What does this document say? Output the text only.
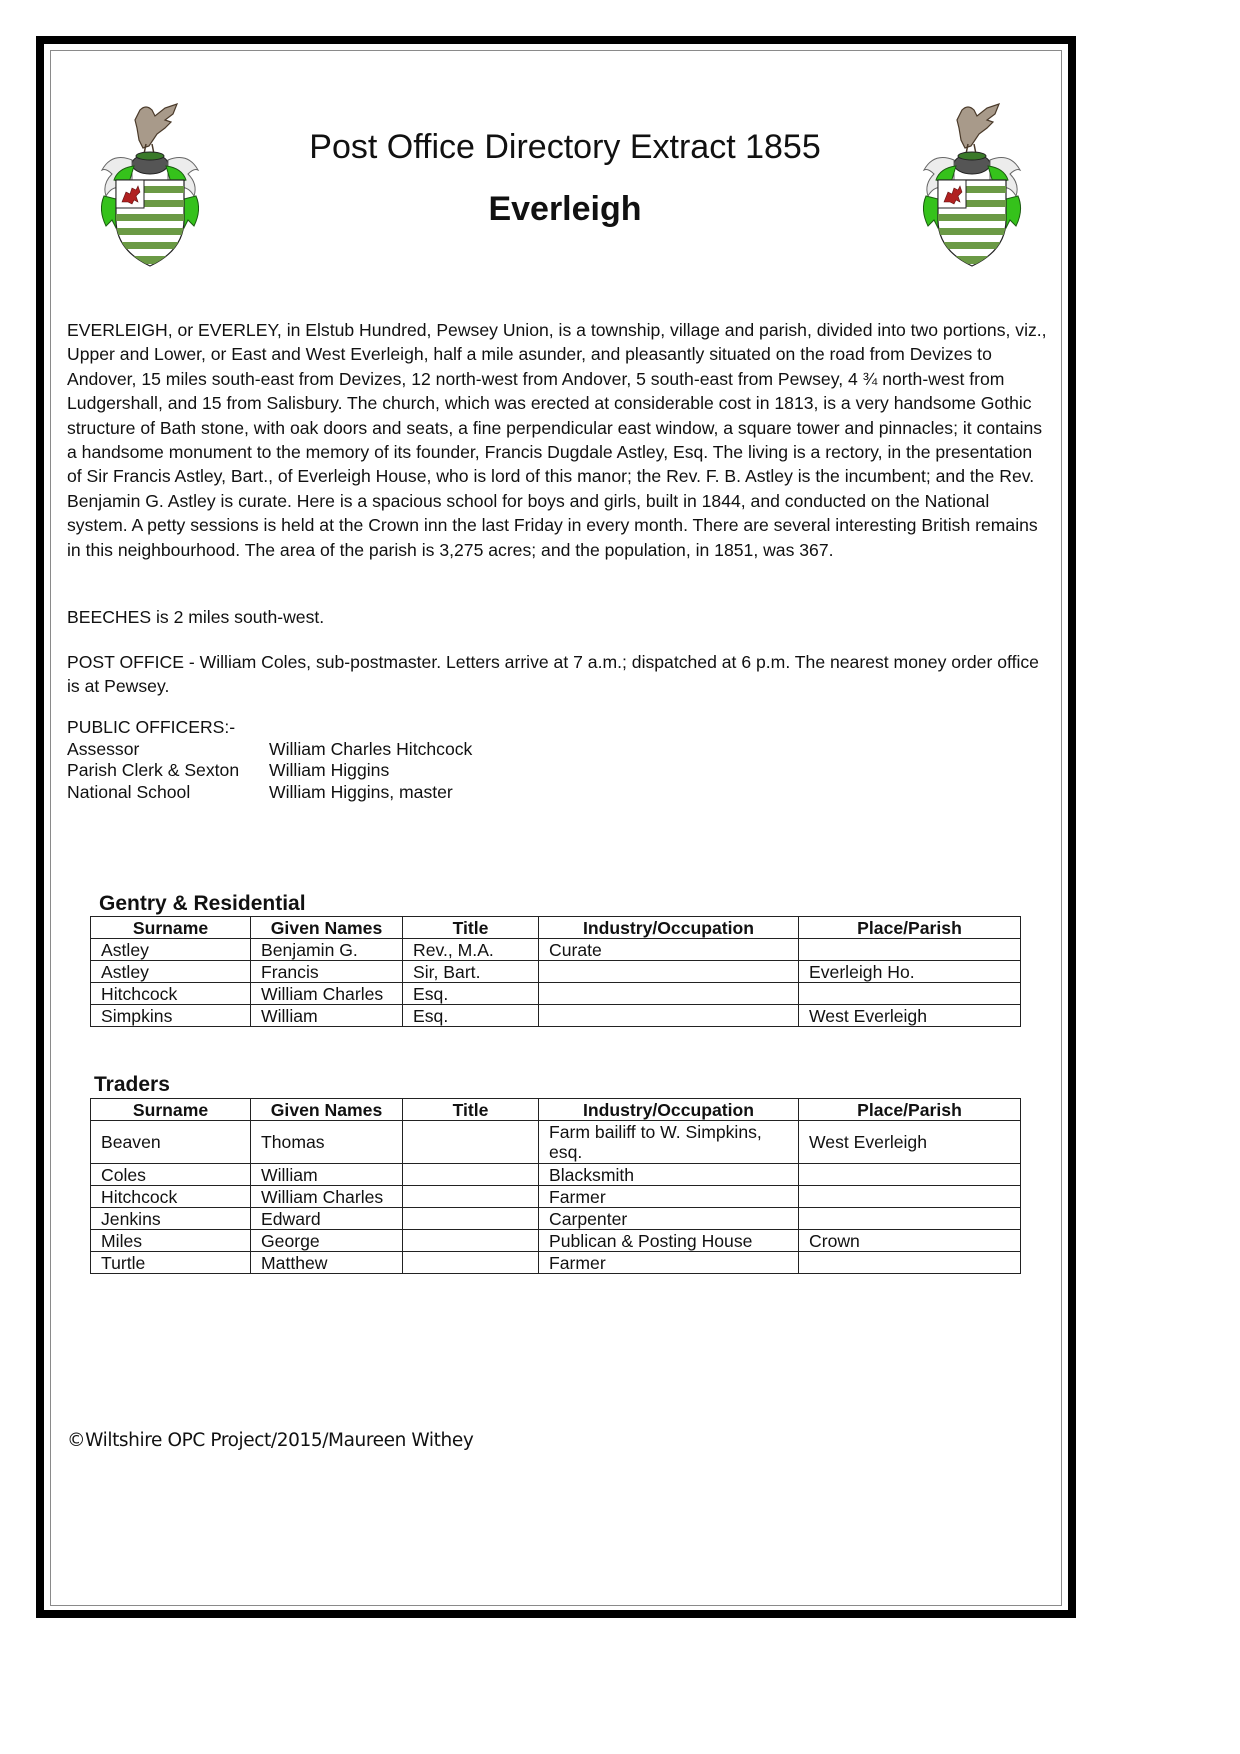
Post Office Directory Extract 1855
Everleigh

EVERLEIGH, or EVERLEY, in Elstub Hundred, Pewsey Union, is a township, village and parish, divided into two portions, viz., Upper and Lower, or East and West Everleigh, half a mile asunder, and pleasantly situated on the road from Devizes to Andover, 15 miles south-east from Devizes, 12 north-west from Andover, 5 south-east from Pewsey, 4 ¾ north-west from Ludgershall, and 15 from Salisbury. The church, which was erected at considerable cost in 1813, is a very handsome Gothic structure of Bath stone, with oak doors and seats, a fine perpendicular east window, a square tower and pinnacles; it contains a handsome monument to the memory of its founder, Francis Dugdale Astley, Esq. The living is a rectory, in the presentation of Sir Francis Astley, Bart., of Everleigh House, who is lord of this manor; the Rev. F. B. Astley is the incumbent; and the Rev. Benjamin G. Astley is curate. Here is a spacious school for boys and girls, built in 1844, and conducted on the National system. A petty sessions is held at the Crown inn the last Friday in every month. There are several interesting British remains in this neighbourhood. The area of the parish is 3,275 acres; and the population, in 1851, was 367.

BEECHES is 2 miles south-west.

POST OFFICE - William Coles, sub-postmaster. Letters arrive at 7 a.m.; dispatched at 6 p.m. The nearest money order office is at Pewsey.

PUBLIC OFFICERS:-
Assessor	William Charles Hitchcock
Parish Clerk & Sexton	William Higgins
National School	William Higgins, master
Gentry & Residential
Surname	Given Names	Title	Industry/Occupation	Place/Parish
Astley	Benjamin G.	Rev., M.A.	Curate	
Astley	Francis	Sir, Bart.		Everleigh Ho.
Hitchcock	William Charles	Esq.		
Simpkins	William	Esq.		West Everleigh
Traders
Surname	Given Names	Title	Industry/Occupation	Place/Parish
Beaven	Thomas		Farm bailiff to W. Simpkins, esq.	West Everleigh
Coles	William		Blacksmith	
Hitchcock	William Charles		Farmer	
Jenkins	Edward		Carpenter	
Miles	George		Publican & Posting House	Crown
Turtle	Matthew		Farmer	
©Wiltshire OPC Project/2015/Maureen Withey
